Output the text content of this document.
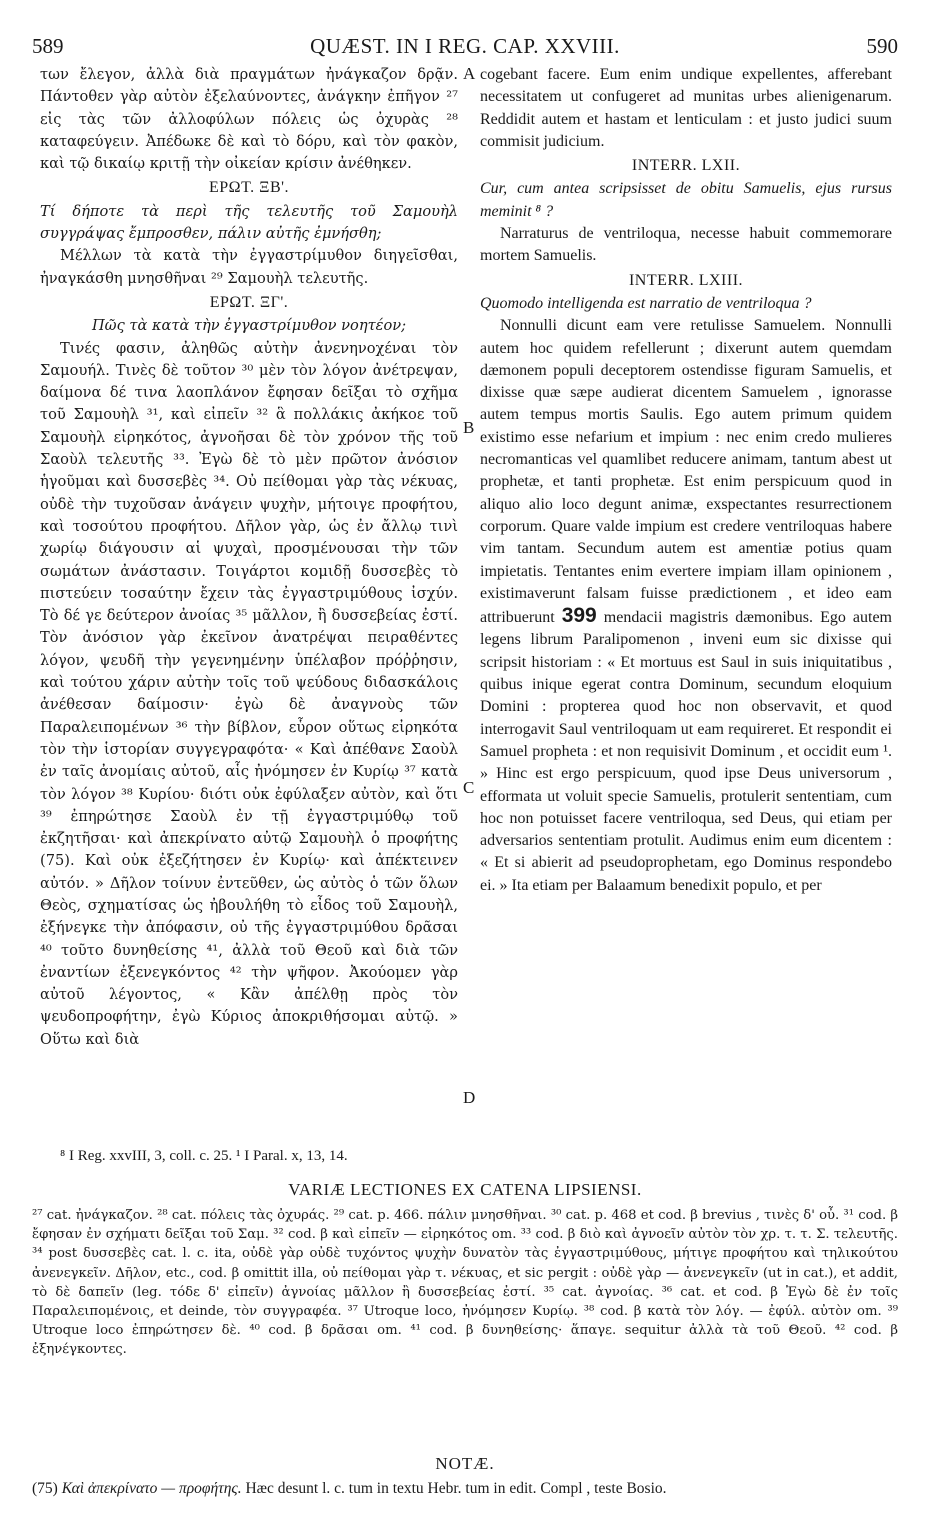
589	QUÆST. IN I REG. CAP. XXVIII.	590

των ἔλεγον, ἀλλὰ διὰ πραγμάτων ἠνάγκαζον δρᾷν. Πάντοθεν γὰρ αὐτὸν ἐξελαύνοντες, ἀνάγκην ἐπῆγον ²⁷ εἰς τὰς τῶν ἀλλοφύλων πόλεις ὡς ὀχυρὰς ²⁸ καταφεύγειν. Ἀπέδωκε δὲ καὶ τὸ δόρυ, καὶ τὸν φακὸν, καὶ τῷ δικαίῳ κριτῇ τὴν οἰκείαν κρίσιν ἀνέθηκεν.

ΕΡΩΤ. ΞΒ'.

Τί δήποτε τὰ περὶ τῆς τελευτῆς τοῦ Σαμουὴλ συγγράψας ἔμπροσθεν, πάλιν αὐτῆς ἐμνήσθη;

Μέλλων τὰ κατὰ τὴν ἐγγαστρίμυθον διηγεῖσθαι, ἠναγκάσθη μνησθῆναι ²⁹ Σαμουὴλ τελευτῆς.

ΕΡΩΤ. ΞΓ'.

Πῶς τὰ κατὰ τὴν ἐγγαστρίμυθον νοητέον;

Τινές φασιν, ἀληθῶς αὐτὴν ἀνενηνοχέναι τὸν Σαμουήλ. Τινὲς δὲ τοῦτον ³⁰ μὲν τὸν λόγον ἀνέτρεψαν, δαίμονα δέ τινα λαοπλάνον ἔφησαν δεῖξαι τὸ σχῆμα τοῦ Σαμουὴλ ³¹, καὶ εἰπεῖν ³² ἃ πολλάκις ἀκήκοε τοῦ Σαμουὴλ εἰρηκότος, ἀγνοῆσαι δὲ τὸν χρόνον τῆς τοῦ Σαοὺλ τελευτῆς ³³. Ἐγὼ δὲ τὸ μὲν πρῶτον ἀνόσιον ἡγοῦμαι καὶ δυσσεβὲς ³⁴. Οὐ πείθομαι γὰρ τὰς νέκυας, οὐδὲ τὴν τυχοῦσαν ἀνάγειν ψυχὴν, μήτοιγε προφήτου, καὶ τοσούτου προφήτου. Δῆλον γὰρ, ὡς ἐν ἄλλῳ τινὶ χωρίῳ διάγουσιν αἱ ψυχαὶ, προσμένουσαι τὴν τῶν σωμάτων ἀνάστασιν. Τοιγάρτοι κομιδῇ δυσσεβὲς τὸ πιστεύειν τοσαύτην ἔχειν τὰς ἐγγαστριμύθους ἰσχύν. Τὸ δέ γε δεύτερον ἀνοίας ³⁵ μᾶλλον, ἢ δυσσεβείας ἐστί. Τὸν ἀνόσιον γὰρ ἐκεῖνον ἀνατρέψαι πειραθέντες λόγον, ψευδῆ τὴν γεγενημένην ὑπέλαβον πρόῤῥησιν, καὶ τούτου χάριν αὐτὴν τοῖς τοῦ ψεύδους διδασκάλοις ἀνέθεσαν δαίμοσιν· ἐγὼ δὲ ἀναγνοὺς τῶν Παραλειπομένων ³⁶ τὴν βίβλον, εὗρον οὕτως εἰρηκότα τὸν τὴν ἱστορίαν συγγεγραφότα· « Καὶ ἀπέθανε Σαοὺλ ἐν ταῖς ἀνομίαις αὐτοῦ, αἷς ἠνόμησεν ἐν Κυρίῳ ³⁷ κατὰ τὸν λόγον ³⁸ Κυρίου· διότι οὐκ ἐφύλαξεν αὐτὸν, καὶ ὅτι ³⁹ ἐπηρώτησε Σαοὺλ ἐν τῇ ἐγγαστριμύθῳ τοῦ ἐκζητῆσαι· καὶ ἀπεκρίνατο αὐτῷ Σαμουὴλ ὁ προφήτης (75). Καὶ οὐκ ἐξεζήτησεν ἐν Κυρίῳ· καὶ ἀπέκτεινεν αὐτόν. » Δῆλον τοίνυν ἐντεῦθεν, ὡς αὐτὸς ὁ τῶν ὅλων Θεὸς, σχηματίσας ὡς ἠβουλήθη τὸ εἶδος τοῦ Σαμουὴλ, ἐξήνεγκε τὴν ἀπόφασιν, οὐ τῆς ἐγγαστριμύθου δρᾶσαι ⁴⁰ τοῦτο δυνηθείσης ⁴¹, ἀλλὰ τοῦ Θεοῦ καὶ διὰ τῶν ἐναντίων ἐξενεγκόντος ⁴² τὴν ψῆφον. Ἀκούομεν γὰρ αὐτοῦ λέγοντος, « Κἂν ἀπέλθῃ πρὸς τὸν ψευδοπροφήτην, ἐγὼ Κύριος ἀποκριθήσομαι αὐτῷ. » Οὕτω καὶ διὰ

A
B
C
D

cogebant facere. Eum enim undique expellentes, afferebant necessitatem ut confugeret ad munitas urbes alienigenarum. Reddidit autem et hastam et lenticulam : et justo judici suum commisit judicium.

INTERR. LXII.

Cur, cum antea scripsisset de obitu Samuelis, ejus rursus meminit ⁸ ?

Narraturus de ventriloqua, necesse habuit commemorare mortem Samuelis.

INTERR. LXIII.

Quomodo intelligenda est narratio de ventriloqua ?

Nonnulli dicunt eam vere retulisse Samuelem. Nonnulli autem hoc quidem refellerunt ; dixerunt autem quemdam dæmonem populi deceptorem ostendisse figuram Samuelis, et dixisse quæ sæpe audierat dicentem Samuelem , ignorasse autem tempus mortis Saulis. Ego autem primum quidem existimo esse nefarium et impium : nec enim credo mulieres necromanticas vel quamlibet reducere animam, tantum abest ut prophetæ, et tanti prophetæ. Est enim perspicuum quod in aliquo alio loco degunt animæ, exspectantes resurrectionem corporum. Quare valde impium est credere ventriloquas habere vim tantam. Secundum autem est amentiæ potius quam impietatis. Tentantes enim evertere impiam illam opinionem , existimaverunt falsam fuisse prædictionem , et ideo eam attribuerunt 399 mendacii magistris dæmonibus. Ego autem legens librum Paralipomenon , inveni eum sic dixisse qui scripsit historiam : « Et mortuus est Saul in suis iniquitatibus , quibus inique egerat contra Dominum, secundum eloquium Domini : propterea quod hoc non observavit, et quod interrogavit Saul ventriloquam ut eam requireret. Et respondit ei Samuel propheta : et non requisivit Dominum , et occidit eum ¹. » Hinc est ergo perspicuum, quod ipse Deus universorum , efformata ut voluit specie Samuelis, protulerit sententiam, cum hoc non potuisset facere ventriloqua, sed Deus, qui etiam per adversarios sententiam protulit. Audimus enim eum dicentem : « Et si abierit ad pseudoprophetam, ego Dominus respondebo ei. » Ita etiam per Balaamum benedixit populo, et per

⁸ I Reg. xxvIII, 3, coll. c. 25. ¹ I Paral. x, 13, 14.
VARIÆ LECTIONES EX CATENA LIPSIENSI.
²⁷ cat. ἠνάγκαζον. ²⁸ cat. πόλεις τὰς ὀχυράς. ²⁹ cat. p. 466. πάλιν μνησθῆναι. ³⁰ cat. p. 468 et cod. β brevius , τινὲς δ' οὖ. ³¹ cod. β ἔφησαν ἐν σχήματι δεῖξαι τοῦ Σαμ. ³² cod. β καὶ εἰπεῖν — εἰρηκότος om. ³³ cod. β διὸ καὶ ἀγνοεῖν αὐτὸν τὸν χρ. τ. τ. Σ. τελευτῆς. ³⁴ post δυσσεβὲς cat. l. c. ita, οὐδὲ γὰρ οὐδὲ τυχόντος ψυχὴν δυνατὸν τὰς ἐγγαστριμύθους, μήτιγε προφήτου καὶ τηλικούτου ἀνενεγκεῖν. Δῆλον, etc., cod. β omittit illa, οὐ πείθομαι γὰρ τ. νέκυας, et sic pergit : οὐδὲ γὰρ — ἀνενεγκεῖν (ut in cat.), et addit, τὸ δὲ δαπεῖν (leg. τόδε δ' εἰπεῖν) ἀγνοίας μᾶλλον ἢ δυσσεβείας ἐστί. ³⁵ cat. ἀγνοίας. ³⁶ cat. et cod. β Ἐγὼ δὲ ἐν τοῖς Παραλειπομένοις, et deinde, τὸν συγγραφέα. ³⁷ Utroque loco, ἠνόμησεν Κυρίῳ. ³⁸ cod. β κατὰ τὸν λόγ. — ἐφύλ. αὐτὸν om. ³⁹ Utroque loco ἐπηρώτησεν δὲ. ⁴⁰ cod. β δρᾶσαι om. ⁴¹ cod. β δυνηθείσης· ἅπαγε. sequitur ἀλλὰ τὰ τοῦ Θεοῦ. ⁴² cod. β ἐξηνέγκοντες.
NOTÆ.
(75) Καὶ ἀπεκρίνατο — προφήτης. Hæc desunt l. c. tum in textu Hebr. tum in edit. Compl , teste Bosio.
